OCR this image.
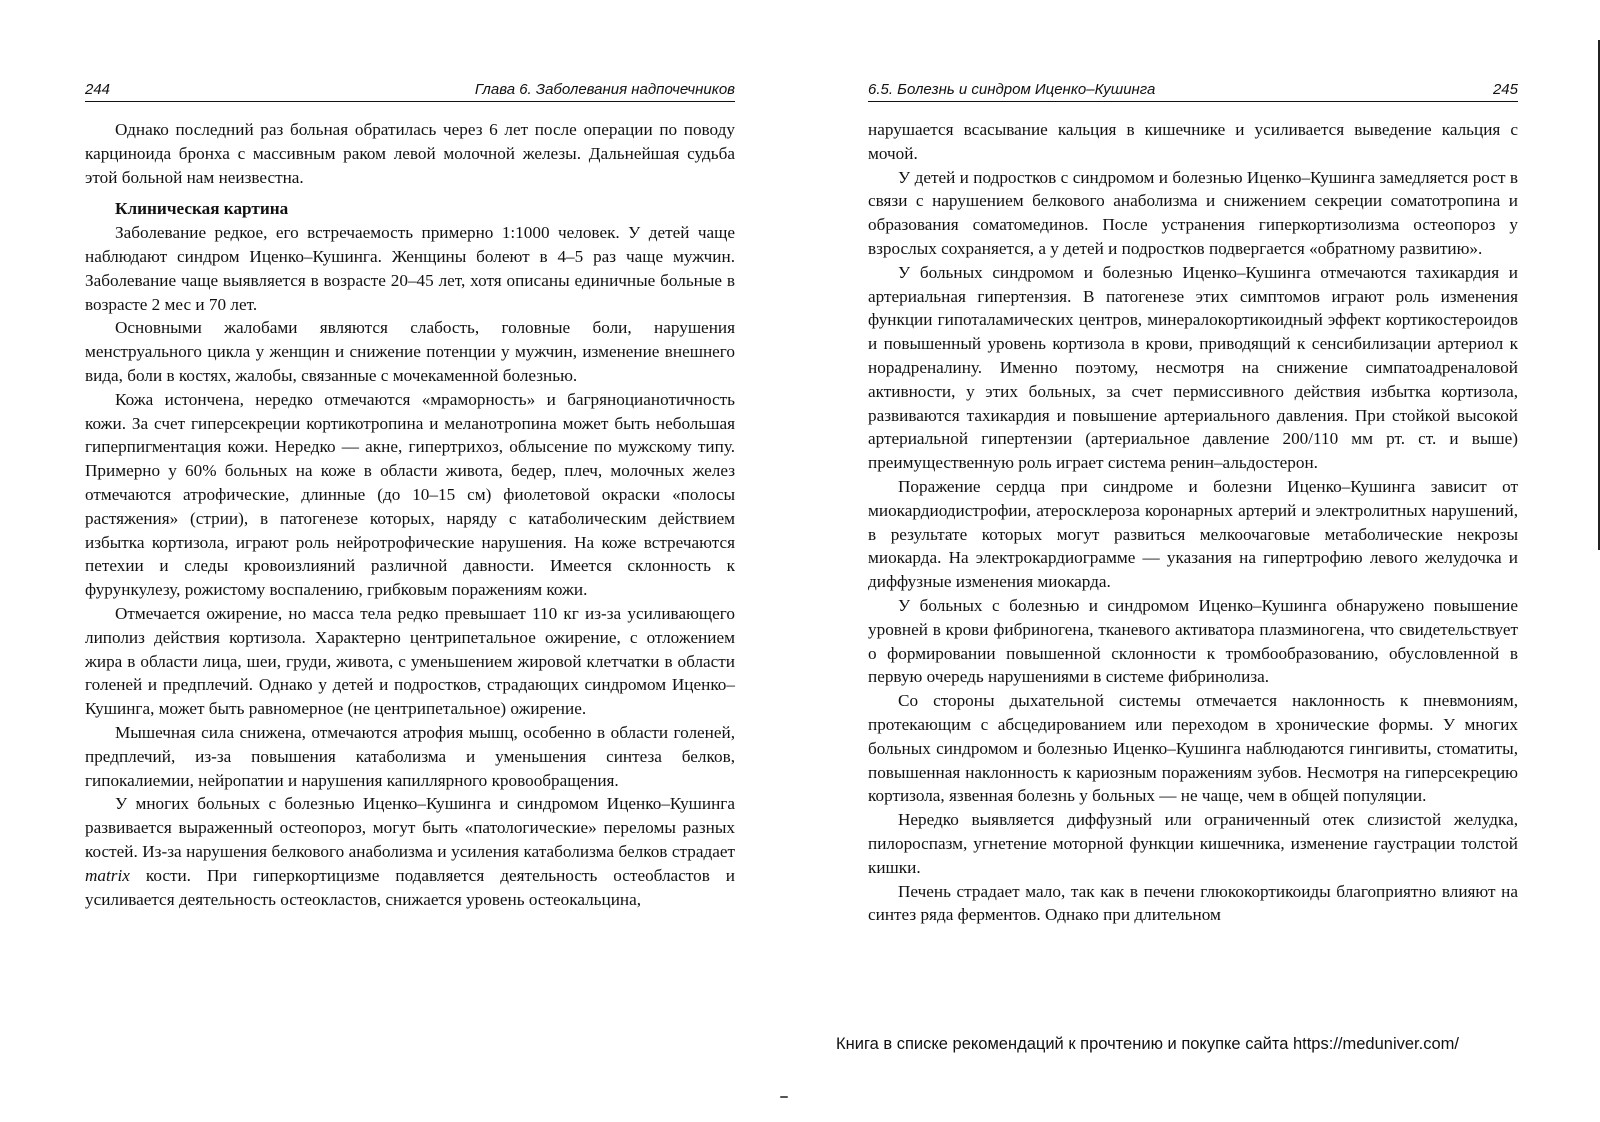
244	Глава 6. Заболевания надпочечников

Однако последний раз больная обратилась через 6 лет после операции по поводу карциноида бронха с массивным раком левой молочной железы. Дальнейшая судьба этой больной нам неизвестна.

Клиническая картина

Заболевание редкое, его встречаемость примерно 1:1000 человек. У детей чаще наблюдают синдром Иценко–Кушинга. Женщины болеют в 4–5 раз чаще мужчин. Заболевание чаще выявляется в возрасте 20–45 лет, хотя описаны единичные больные в возрасте 2 мес и 70 лет.

Основными жалобами являются слабость, головные боли, нарушения менструального цикла у женщин и снижение потенции у мужчин, изменение внешнего вида, боли в костях, жалобы, связанные с мочекаменной болезнью.

Кожа истончена, нередко отмечаются «мраморность» и багряноцианотичность кожи. За счет гиперсекреции кортикотропина и меланотропина может быть небольшая гиперпигментация кожи. Нередко — акне, гипертрихоз, облысение по мужскому типу. Примерно у 60% больных на коже в области живота, бедер, плеч, молочных желез отмечаются атрофические, длинные (до 10–15 см) фиолетовой окраски «полосы растяжения» (стрии), в патогенезе которых, наряду с катаболическим действием избытка кортизола, играют роль нейротрофические нарушения. На коже встречаются петехии и следы кровоизлияний различной давности. Имеется склонность к фурункулезу, рожистому воспалению, грибковым поражениям кожи.

Отмечается ожирение, но масса тела редко превышает 110 кг из-за усиливающего липолиз действия кортизола. Характерно центрипетальное ожирение, с отложением жира в области лица, шеи, груди, живота, с уменьшением жировой клетчатки в области голеней и предплечий. Однако у детей и подростков, страдающих синдромом Иценко–Кушинга, может быть равномерное (не центрипетальное) ожирение.

Мышечная сила снижена, отмечаются атрофия мышц, особенно в области голеней, предплечий, из-за повышения катаболизма и уменьшения синтеза белков, гипокалиемии, нейропатии и нарушения капиллярного кровообращения.

У многих больных с болезнью Иценко–Кушинга и синдромом Иценко–Кушинга развивается выраженный остеопороз, могут быть «патологические» переломы разных костей. Из-за нарушения белкового анаболизма и усиления катаболизма белков страдает matrix кости. При гиперкортицизме подавляется деятельность остеобластов и усиливается деятельность остеокластов, снижается уровень остеокальцина,

6.5. Болезнь и синдром Иценко–Кушинга	245

нарушается всасывание кальция в кишечнике и усиливается выведение кальция с мочой.

У детей и подростков с синдромом и болезнью Иценко–Кушинга замедляется рост в связи с нарушением белкового анаболизма и снижением секреции соматотропина и образования соматомединов. После устранения гиперкортизолизма остеопороз у взрослых сохраняется, а у детей и подростков подвергается «обратному развитию».

У больных синдромом и болезнью Иценко–Кушинга отмечаются тахикардия и артериальная гипертензия. В патогенезе этих симптомов играют роль изменения функции гипоталамических центров, минералокортикоидный эффект кортикостероидов и повышенный уровень кортизола в крови, приводящий к сенсибилизации артериол к норадреналину. Именно поэтому, несмотря на снижение симпатоадреналовой активности, у этих больных, за счет пермиссивного действия избытка кортизола, развиваются тахикардия и повышение артериального давления. При стойкой высокой артериальной гипертензии (артериальное давление 200/110 мм рт. ст. и выше) преимущественную роль играет система ренин–альдостерон.

Поражение сердца при синдроме и болезни Иценко–Кушинга зависит от миокардиодистрофии, атеросклероза коронарных артерий и электролитных нарушений, в результате которых могут развиться мелкоочаговые метаболические некрозы миокарда. На электрокардиограмме — указания на гипертрофию левого желудочка и диффузные изменения миокарда.

У больных с болезнью и синдромом Иценко–Кушинга обнаружено повышение уровней в крови фибриногена, тканевого активатора плазминогена, что свидетельствует о формировании повышенной склонности к тромбообразованию, обусловленной в первую очередь нарушениями в системе фибринолиза.

Со стороны дыхательной системы отмечается наклонность к пневмониям, протекающим с абсцедированием или переходом в хронические формы. У многих больных синдромом и болезнью Иценко–Кушинга наблюдаются гингивиты, стоматиты, повышенная наклонность к кариозным поражениям зубов. Несмотря на гиперсекрецию кортизола, язвенная болезнь у больных — не чаще, чем в общей популяции.

Нередко выявляется диффузный или ограниченный отек слизистой желудка, пилороспазм, угнетение моторной функции кишечника, изменение гаустрации толстой кишки.

Печень страдает мало, так как в печени глюкокортикоиды благоприятно влияют на синтез ряда ферментов. Однако при длительном

Книга в списке рекомендаций к прочтению и покупке сайта https://meduniver.com/
